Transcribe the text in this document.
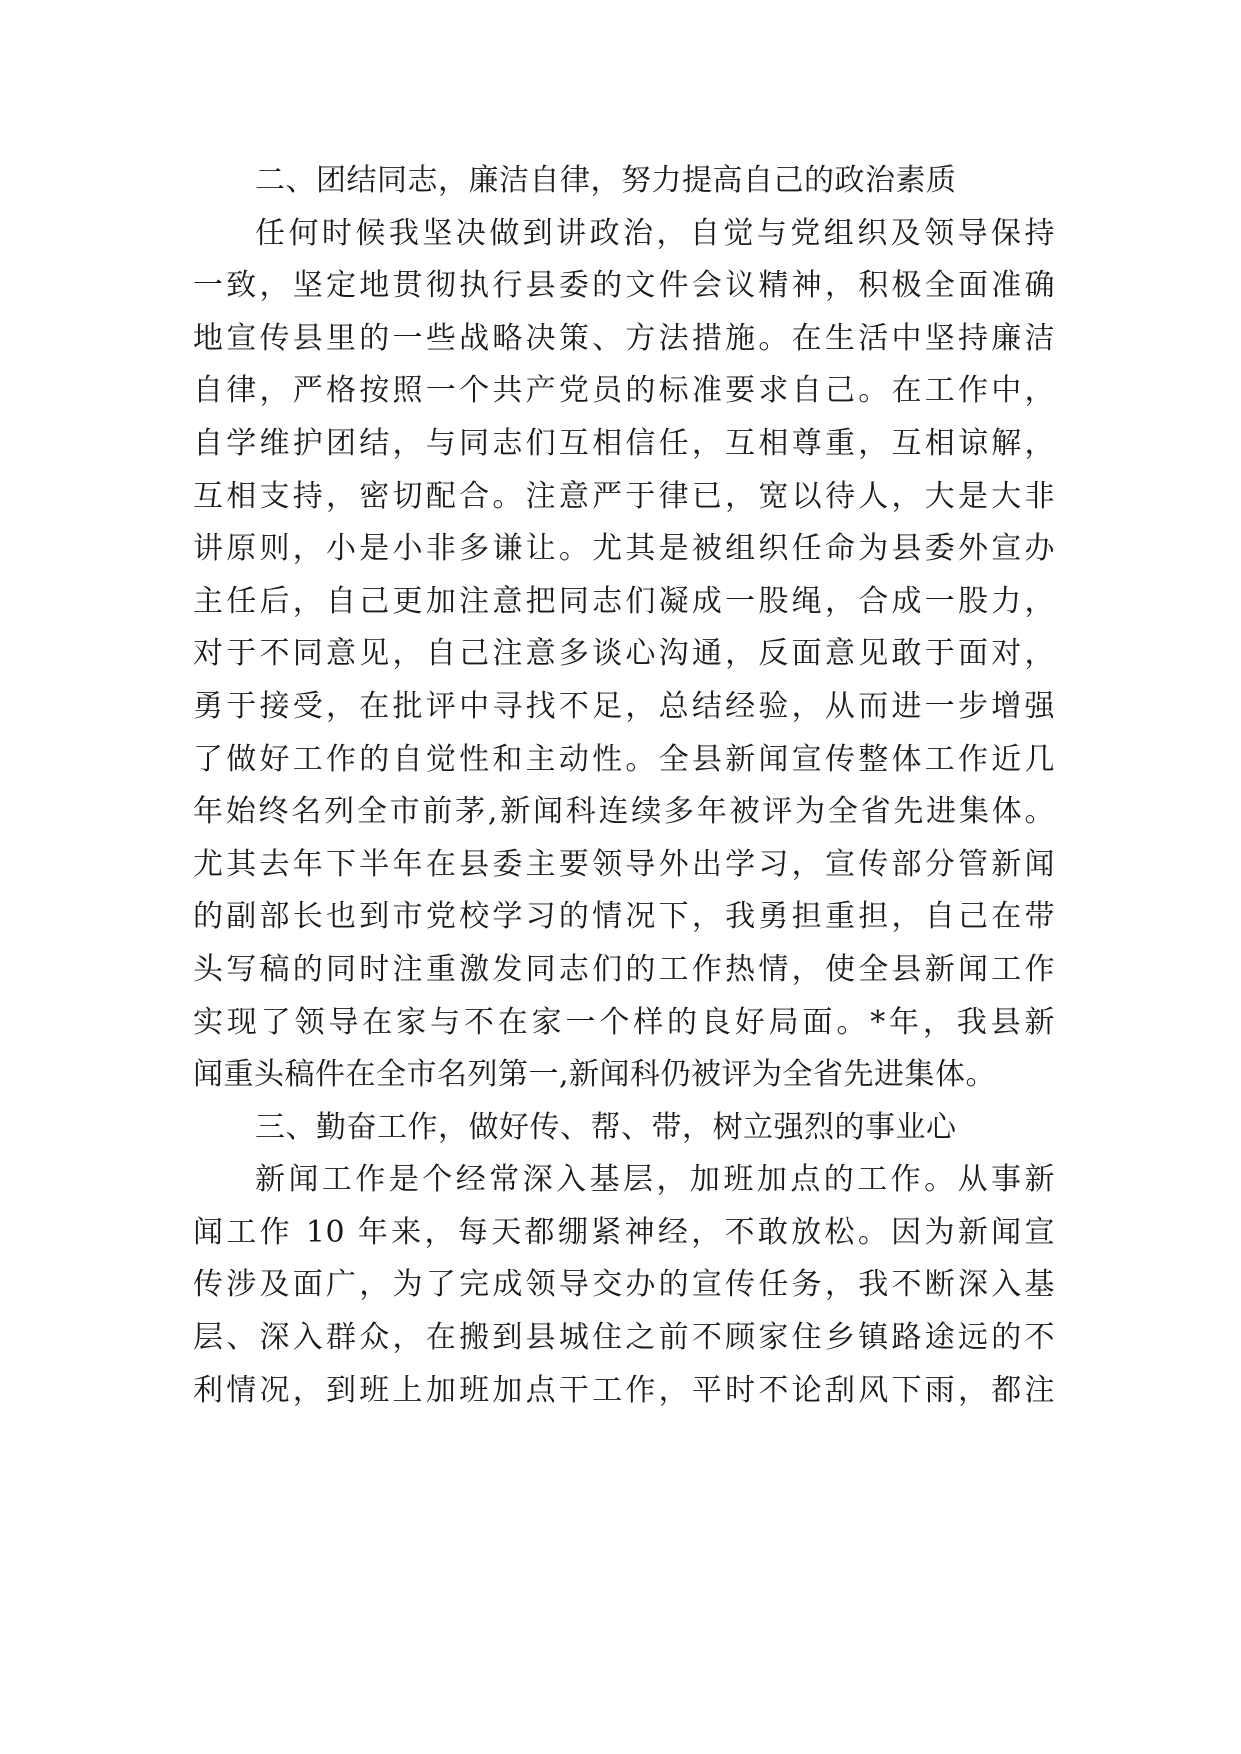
二、团结同志，廉洁自律，努力提高自己的政治素质
任何时候我坚决做到讲政治，自觉与党组织及领导保持
一致，坚定地贯彻执行县委的文件会议精神，积极全面准确
地宣传县里的一些战略决策、方法措施。在生活中坚持廉洁
自律，严格按照一个共产党员的标准要求自己。在工作中，
自学维护团结，与同志们互相信任，互相尊重，互相谅解，
互相支持，密切配合。注意严于律已，宽以待人，大是大非
讲原则，小是小非多谦让。尤其是被组织任命为县委外宣办
主任后，自己更加注意把同志们凝成一股绳，合成一股力，
对于不同意见，自己注意多谈心沟通，反面意见敢于面对，
勇于接受，在批评中寻找不足，总结经验，从而进一步增强
了做好工作的自觉性和主动性。全县新闻宣传整体工作近几
年始终名列全市前茅,新闻科连续多年被评为全省先进集体。
尤其去年下半年在县委主要领导外出学习，宣传部分管新闻
的副部长也到市党校学习的情况下，我勇担重担，自己在带
头写稿的同时注重激发同志们的工作热情，使全县新闻工作
实现了领导在家与不在家一个样的良好局面。*年，我县新
闻重头稿件在全市名列第一,新闻科仍被评为全省先进集体。
三、勤奋工作，做好传、帮、带，树立强烈的事业心
新闻工作是个经常深入基层，加班加点的工作。从事新
闻工作 10 年来，每天都绷紧神经，不敢放松。因为新闻宣
传涉及面广，为了完成领导交办的宣传任务，我不断深入基
层、深入群众，在搬到县城住之前不顾家住乡镇路途远的不
利情况，到班上加班加点干工作，平时不论刮风下雨，都注
